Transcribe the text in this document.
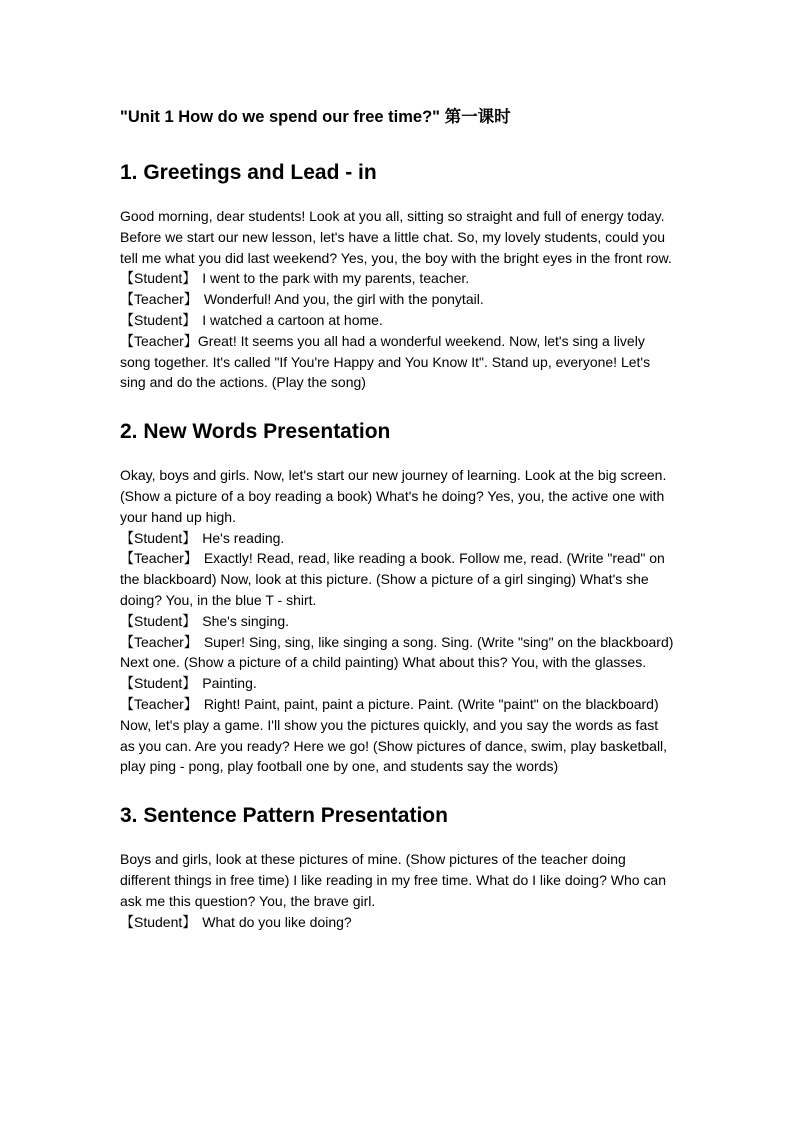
"Unit 1 How do we spend our free time?" 第一课时
1. Greetings and Lead - in

Good morning, dear students! Look at you all, sitting so straight and full of energy today. Before we start our new lesson, let's have a little chat. So, my lovely students, could you tell me what you did last weekend? Yes, you, the boy with the bright eyes in the front row.

【Student】 I went to the park with my parents, teacher.

【Teacher】 Wonderful! And you, the girl with the ponytail.

【Student】 I watched a cartoon at home.

【Teacher】Great! It seems you all had a wonderful weekend. Now, let's sing a lively song together. It's called "If You're Happy and You Know It". Stand up, everyone! Let's sing and do the actions. (Play the song)

2. New Words Presentation

Okay, boys and girls. Now, let's start our new journey of learning. Look at the big screen. (Show a picture of a boy reading a book) What's he doing? Yes, you, the active one with your hand up high.

【Student】 He's reading.

【Teacher】 Exactly! Read, read, like reading a book. Follow me, read. (Write "read" on the blackboard) Now, look at this picture. (Show a picture of a girl singing) What's she doing? You, in the blue T - shirt.

【Student】 She's singing.

【Teacher】 Super! Sing, sing, like singing a song. Sing. (Write "sing" on the blackboard) Next one. (Show a picture of a child painting) What about this? You, with the glasses.

【Student】 Painting.

【Teacher】 Right! Paint, paint, paint a picture. Paint. (Write "paint" on the blackboard) Now, let's play a game. I'll show you the pictures quickly, and you say the words as fast as you can. Are you ready? Here we go! (Show pictures of dance, swim, play basketball, play ping - pong, play football one by one, and students say the words)

3. Sentence Pattern Presentation

Boys and girls, look at these pictures of mine. (Show pictures of the teacher doing different things in free time) I like reading in my free time. What do I like doing? Who can ask me this question? You, the brave girl.

【Student】 What do you like doing?
